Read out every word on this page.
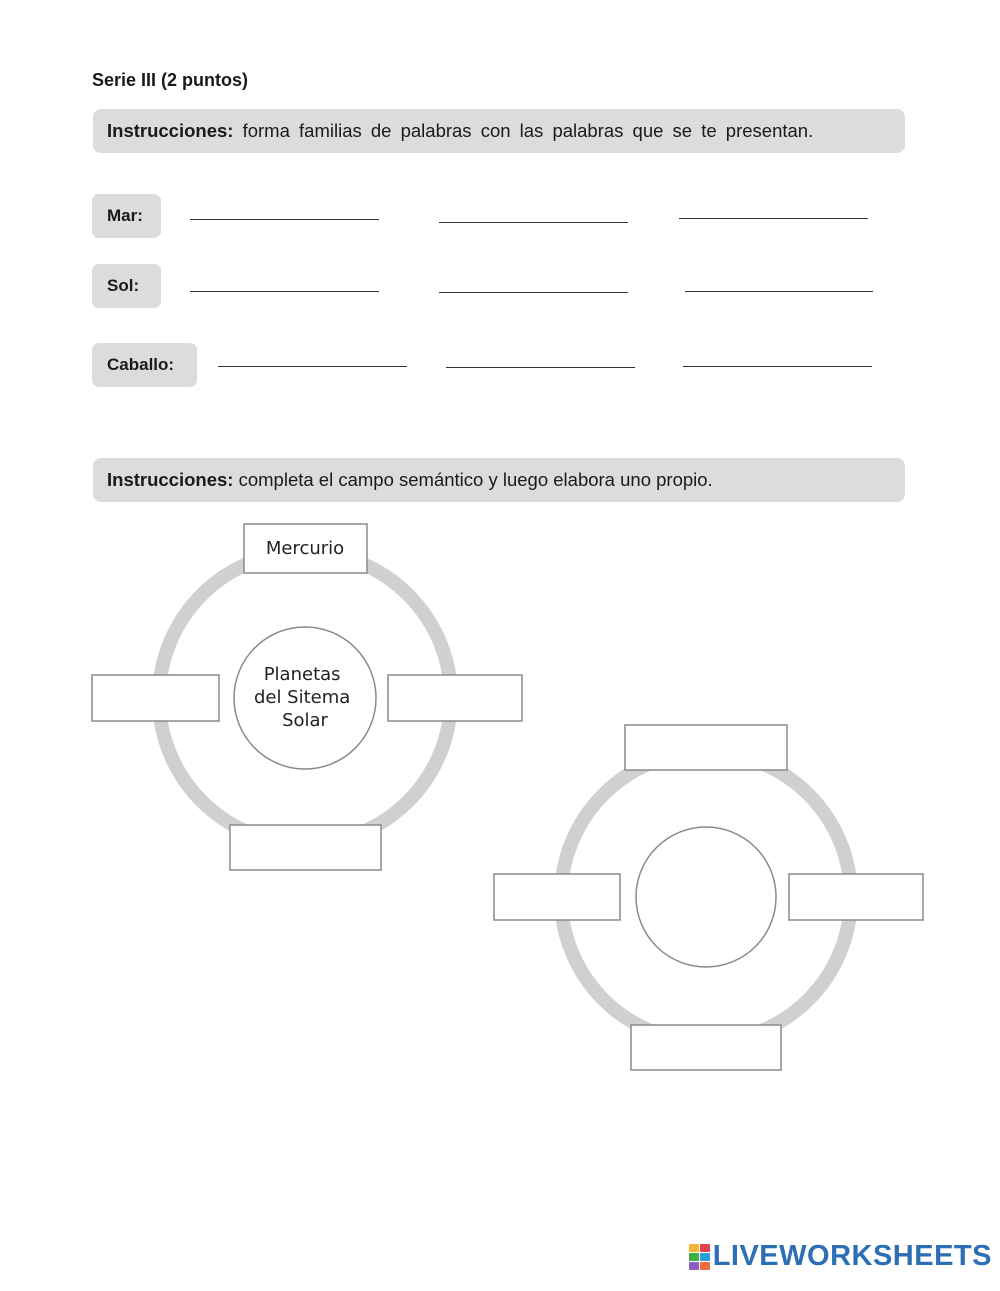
Serie III (2 puntos)
Instrucciones: forma familias de palabras con las palabras que se te presentan.
Mar:
Sol:
Caballo:
Instrucciones: completa el campo semántico y luego elabora uno propio.
Planetas del Sitema Solar
Mercurio
LIVEWORKSHEETS
